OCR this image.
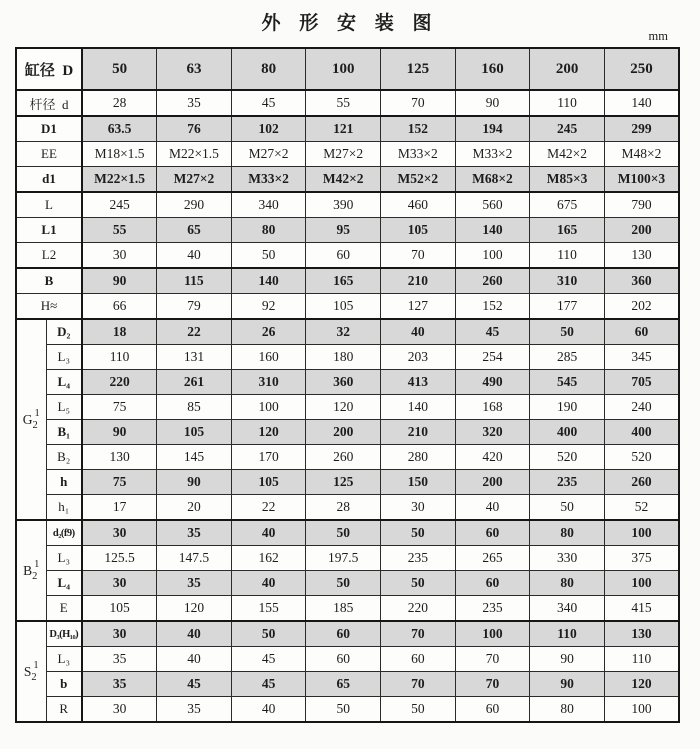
外 形 安 装 图
mm
缸径  D		50	63	80	100	125	160	200	250
杆径  d		28	35	45	55	70	90	110	140
D1		63.5	76	102	121	152	194	245	299
EE		M18×1.5	M22×1.5	M27×2	M27×2	M33×2	M33×2	M42×2	M48×2
d1		M22×1.5	M27×2	M33×2	M42×2	M52×2	M68×2	M85×3	M100×3
L		245	290	340	390	460	560	675	790
L1		55	65	80	95	105	140	165	200
L2		30	40	50	60	70	100	110	130
B		90	115	140	165	210	260	310	360
H≈		66	79	92	105	127	152	177	202

G 1
2	D₂	18	22	26	32	40	45	50	60
	L₃	110	131	160	180	203	254	285	345
	L₄	220	261	310	360	413	490	545	705
	L₅	75	85	100	120	140	168	190	240
	B₁	90	105	120	200	210	320	400	400
	B₂	130	145	170	260	280	420	520	520
	h	75	90	105	125	150	200	235	260
	h₁	17	20	22	28	30	40	50	52

B 1
2	d₂(f9)	30	35	40	50	50	60	80	100
	L₃	125.5	147.5	162	197.5	235	265	330	375
	L₄	30	35	40	50	50	60	80	100
	E	105	120	155	185	220	235	340	415

S 1
2	D₃(H₁₀)	30	40	50	60	70	100	110	130
	L₃	35	40	45	60	60	70	90	110
	b	35	45	45	65	70	70	90	120
	R	30	35	40	50	50	60	80	100
